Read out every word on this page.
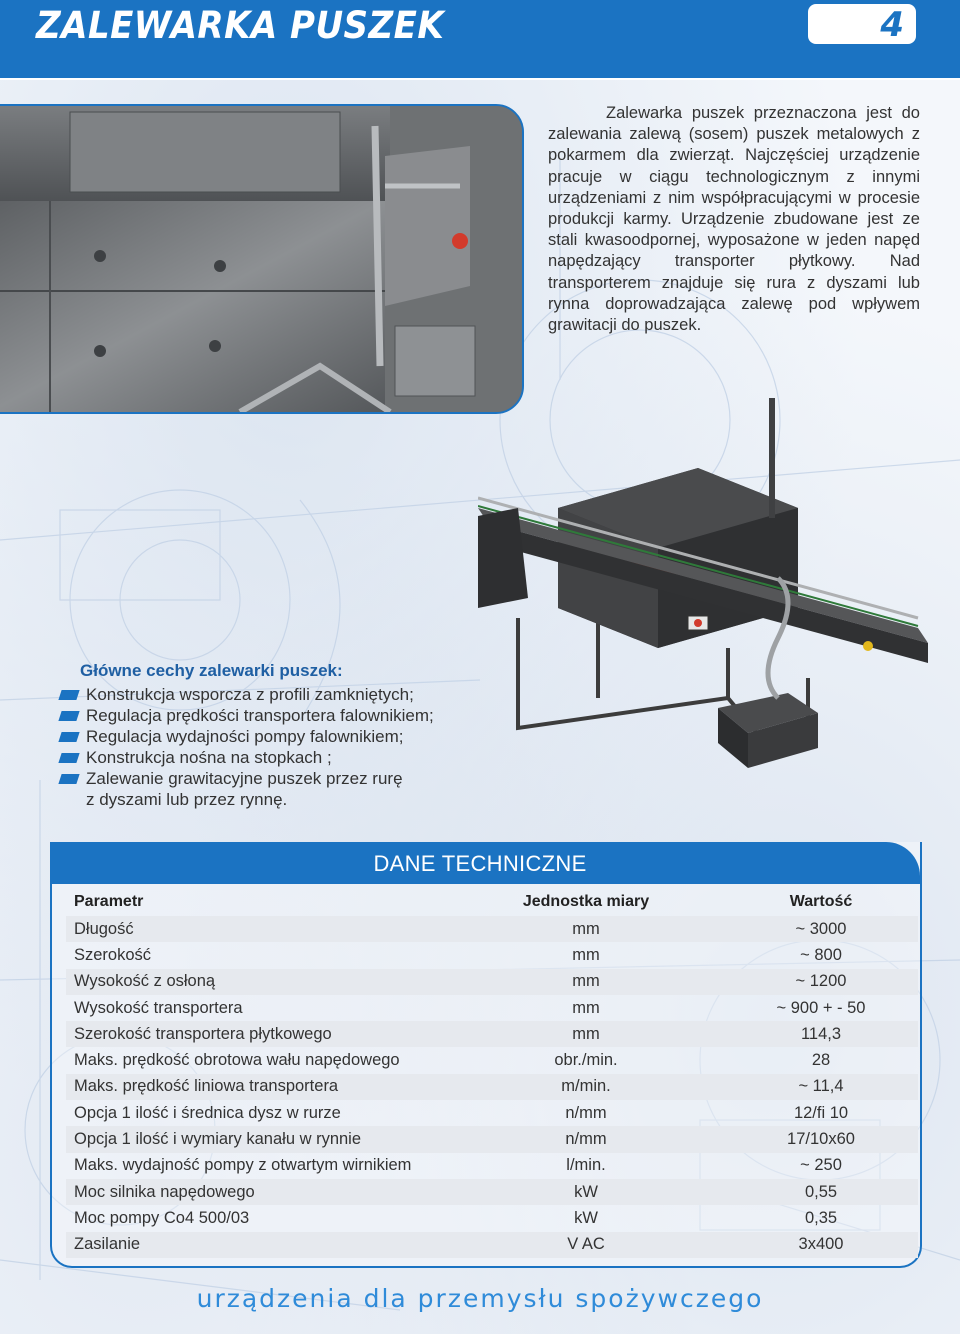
ZALEWARKA PUSZEK	4

Zalewarka puszek przeznaczona jest do zalewania zalewą (sosem) puszek metalowych z pokarmem dla zwierząt. Najczęściej urządzenie pracuje w ciągu technologicznym z innymi urządzeniami z nim współpracującymi w procesie produkcji karmy. Urządzenie zbudowane jest ze stali kwasoodpornej, wyposażone w jeden napęd napędzający transporter płytkowy. Nad transporterem znajduje się rura z dyszami lub rynna doprowadzająca zalewę pod wpływem grawitacji do puszek.

Główne cechy zalewarki puszek:

Konstrukcja wsporcza z profili zamkniętych;
Regulacja prędkości transportera falownikiem;
Regulacja wydajności pompy falownikiem;
Konstrukcja nośna na stopkach ;
Zalewanie grawitacyjne puszek przez rurę
z dyszami lub przez rynnę.
DANE TECHNICZNE
Parametr	Jednostka miary	Wartość
Długość	mm	~ 3000
Szerokość	mm	~ 800
Wysokość z osłoną	mm	~ 1200
Wysokość transportera	mm	~ 900 + - 50
Szerokość transportera płytkowego	mm	114,3
Maks. prędkość obrotowa wału napędowego	obr./min.	28
Maks. prędkość liniowa transportera	m/min.	~ 11,4
Opcja 1 ilość i średnica dysz w rurze	n/mm	12/fi 10
Opcja 1 ilość i wymiary kanału w rynnie	n/mm	17/10x60
Maks. wydajność pompy z otwartym wirnikiem	l/min.	~ 250
Moc silnika napędowego	kW	0,55
Moc pompy Co4 500/03	kW	0,35
Zasilanie	V AC	3x400
urządzenia dla przemysłu spożywczego
